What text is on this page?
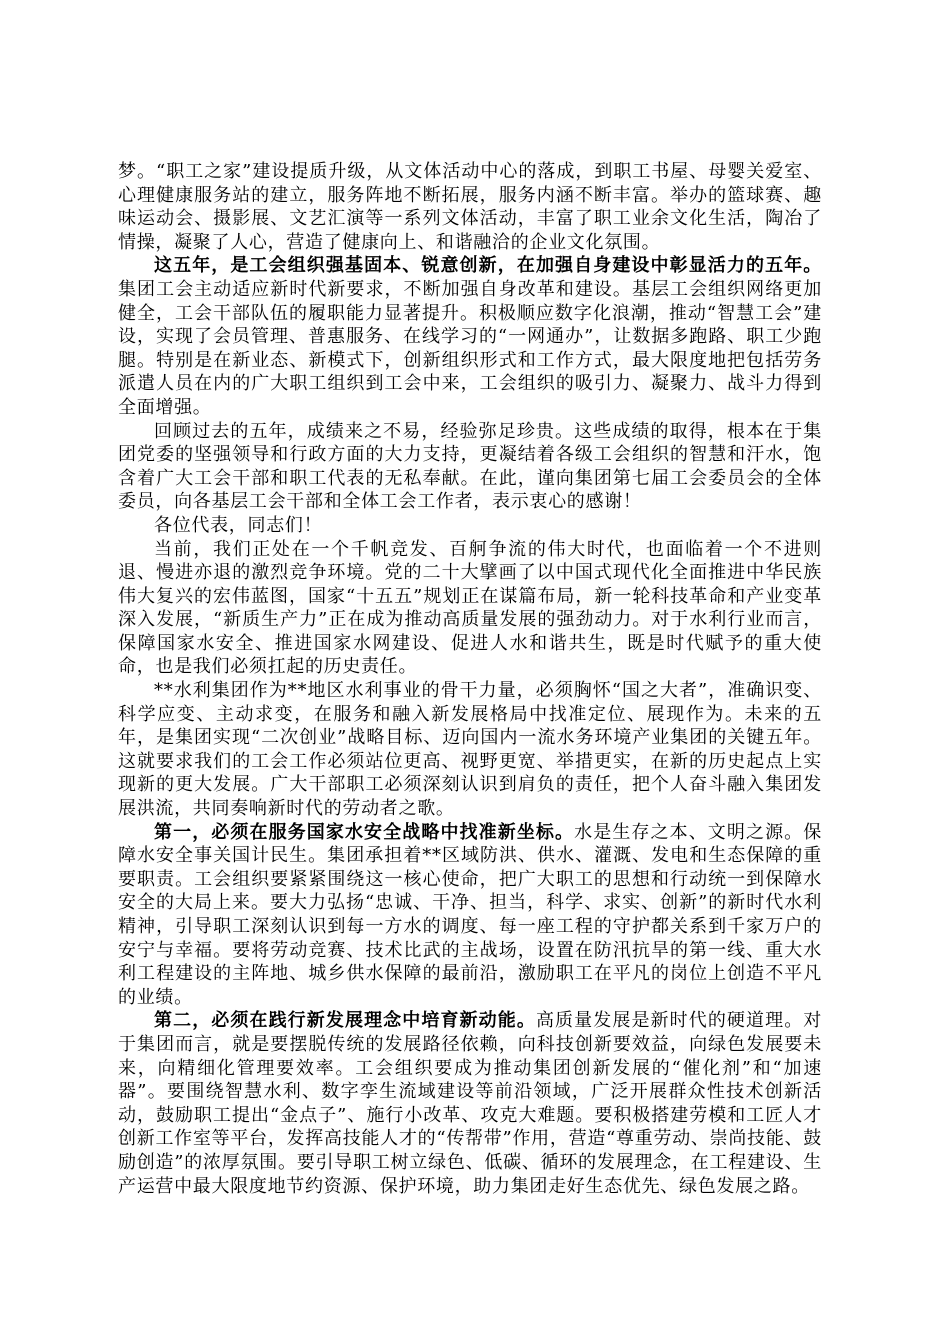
梦。“职工之家”建设提质升级，从文体活动中心的落成，到职工书屋、母婴关爱室、心理健康服务站的建立，服务阵地不断拓展，服务内涵不断丰富。举办的篮球赛、趣味运动会、摄影展、文艺汇演等一系列文体活动，丰富了职工业余文化生活，陶冶了情操，凝聚了人心，营造了健康向上、和谐融洽的企业文化氛围。

这五年，是工会组织强基固本、锐意创新，在加强自身建设中彰显活力的五年。集团工会主动适应新时代新要求，不断加强自身改革和建设。基层工会组织网络更加健全，工会干部队伍的履职能力显著提升。积极顺应数字化浪潮，推动“智慧工会”建设，实现了会员管理、普惠服务、在线学习的“一网通办”，让数据多跑路、职工少跑腿。特别是在新业态、新模式下，创新组织形式和工作方式，最大限度地把包括劳务派遣人员在内的广大职工组织到工会中来，工会组织的吸引力、凝聚力、战斗力得到全面增强。

回顾过去的五年，成绩来之不易，经验弥足珍贵。这些成绩的取得，根本在于集团党委的坚强领导和行政方面的大力支持，更凝结着各级工会组织的智慧和汗水，饱含着广大工会干部和职工代表的无私奉献。在此，谨向集团第七届工会委员会的全体委员，向各基层工会干部和全体工会工作者，表示衷心的感谢！

各位代表，同志们！

当前，我们正处在一个千帆竞发、百舸争流的伟大时代，也面临着一个不进则退、慢进亦退的激烈竞争环境。党的二十大擘画了以中国式现代化全面推进中华民族伟大复兴的宏伟蓝图，国家“十五五”规划正在谋篇布局，新一轮科技革命和产业变革深入发展，“新质生产力”正在成为推动高质量发展的强劲动力。对于水利行业而言，保障国家水安全、推进国家水网建设、促进人水和谐共生，既是时代赋予的重大使命，也是我们必须扛起的历史责任。

**水利集团作为**地区水利事业的骨干力量，必须胸怀“国之大者”，准确识变、科学应变、主动求变，在服务和融入新发展格局中找准定位、展现作为。未来的五年，是集团实现“二次创业”战略目标、迈向国内一流水务环境产业集团的关键五年。这就要求我们的工会工作必须站位更高、视野更宽、举措更实，在新的历史起点上实现新的更大发展。广大干部职工必须深刻认识到肩负的责任，把个人奋斗融入集团发展洪流，共同奏响新时代的劳动者之歌。

第一，必须在服务国家水安全战略中找准新坐标。水是生存之本、文明之源。保障水安全事关国计民生。集团承担着**区域防洪、供水、灌溉、发电和生态保障的重要职责。工会组织要紧紧围绕这一核心使命，把广大职工的思想和行动统一到保障水安全的大局上来。要大力弘扬“忠诚、干净、担当，科学、求实、创新”的新时代水利精神，引导职工深刻认识到每一方水的调度、每一座工程的守护都关系到千家万户的安宁与幸福。要将劳动竞赛、技术比武的主战场，设置在防汛抗旱的第一线、重大水利工程建设的主阵地、城乡供水保障的最前沿，激励职工在平凡的岗位上创造不平凡的业绩。

第二，必须在践行新发展理念中培育新动能。高质量发展是新时代的硬道理。对于集团而言，就是要摆脱传统的发展路径依赖，向科技创新要效益，向绿色发展要未来，向精细化管理要效率。工会组织要成为推动集团创新发展的“催化剂”和“加速器”。要围绕智慧水利、数字孪生流域建设等前沿领域，广泛开展群众性技术创新活动，鼓励职工提出“金点子”、施行小改革、攻克大难题。要积极搭建劳模和工匠人才创新工作室等平台，发挥高技能人才的“传帮带”作用，营造“尊重劳动、崇尚技能、鼓励创造”的浓厚氛围。要引导职工树立绿色、低碳、循环的发展理念，在工程建设、生产运营中最大限度地节约资源、保护环境，助力集团走好生态优先、绿色发展之路。
